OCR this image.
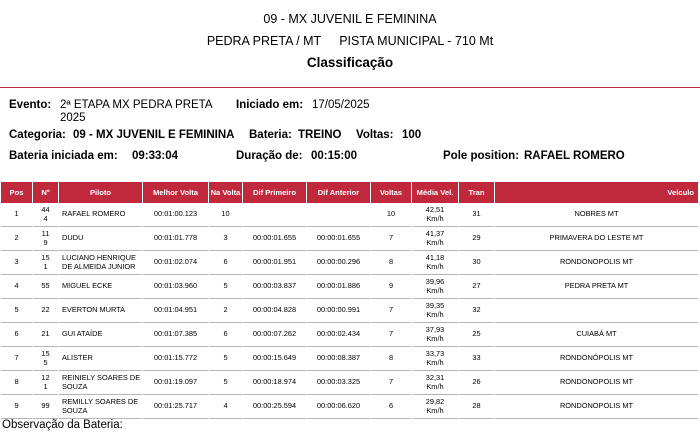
09 - MX JUVENIL E FEMININA
PEDRA PRETA / MT PISTA MUNICIPAL - 710 Mt
Classificação
Evento: 2ª ETAPA MX PEDRA PRETA 2025
Iniciado em: 17/05/2025
Categoria: 09 - MX JUVENIL E FEMININA Bateria: TREINO Voltas: 100
Bateria iniciada em: 09:33:04	Duração de: 00:15:00	Pole position: RAFAEL ROMERO
Pos	Nº	Piloto	Melhor Volta	Na Volta	Dif Primeiro	Dif Anterior	Voltas	Média Vel.	Tran	Veículo
1	444	RAFAEL ROMERO	00:01:00.123	10			10	42,51 Km/h	31	NOBRES MT
2	119	DUDU	00:01:01.778	3	00:00:01.655	00:00:01.655	7	41,37 Km/h	29	PRIMAVERA DO LESTE MT
3	151	LUCIANO HENRIQUE DE ALMEIDA JUNIOR	00:01:02.074	6	00:00:01.951	00:00:00.296	8	41,18 Km/h	30	RONDONOPOLIS MT
4	55	MIGUEL ECKE	00:01:03.960	5	00:00:03.837	00:00:01.886	9	39,96 Km/h	27	PEDRA PRETA MT
5	22	EVERTON MURTA	00:01:04.951	2	00:00:04.828	00:00:00.991	7	39,35 Km/h	32	
6	21	GUI ATAÍDE	00:01:07.385	6	00:00:07.262	00:00:02.434	7	37,93 Km/h	25	CUIABÁ MT
7	155	ALISTER	00:01:15.772	5	00:00:15.649	00:00:08.387	8	33,73 Km/h	33	RONDONÓPOLIS MT
8	121	REINIELY SOARES DE SOUZA	00:01:19.097	5	00:00:18.974	00:00:03.325	7	32,31 Km/h	26	RONDONOPOLIS MT
9	99	REMILLY SOARES DE SOUZA	00:01:25.717	4	00:00:25.594	00:00:06.620	6	29,82 Km/h	28	RONDONOPOLIS MT
Observação da Bateria:
